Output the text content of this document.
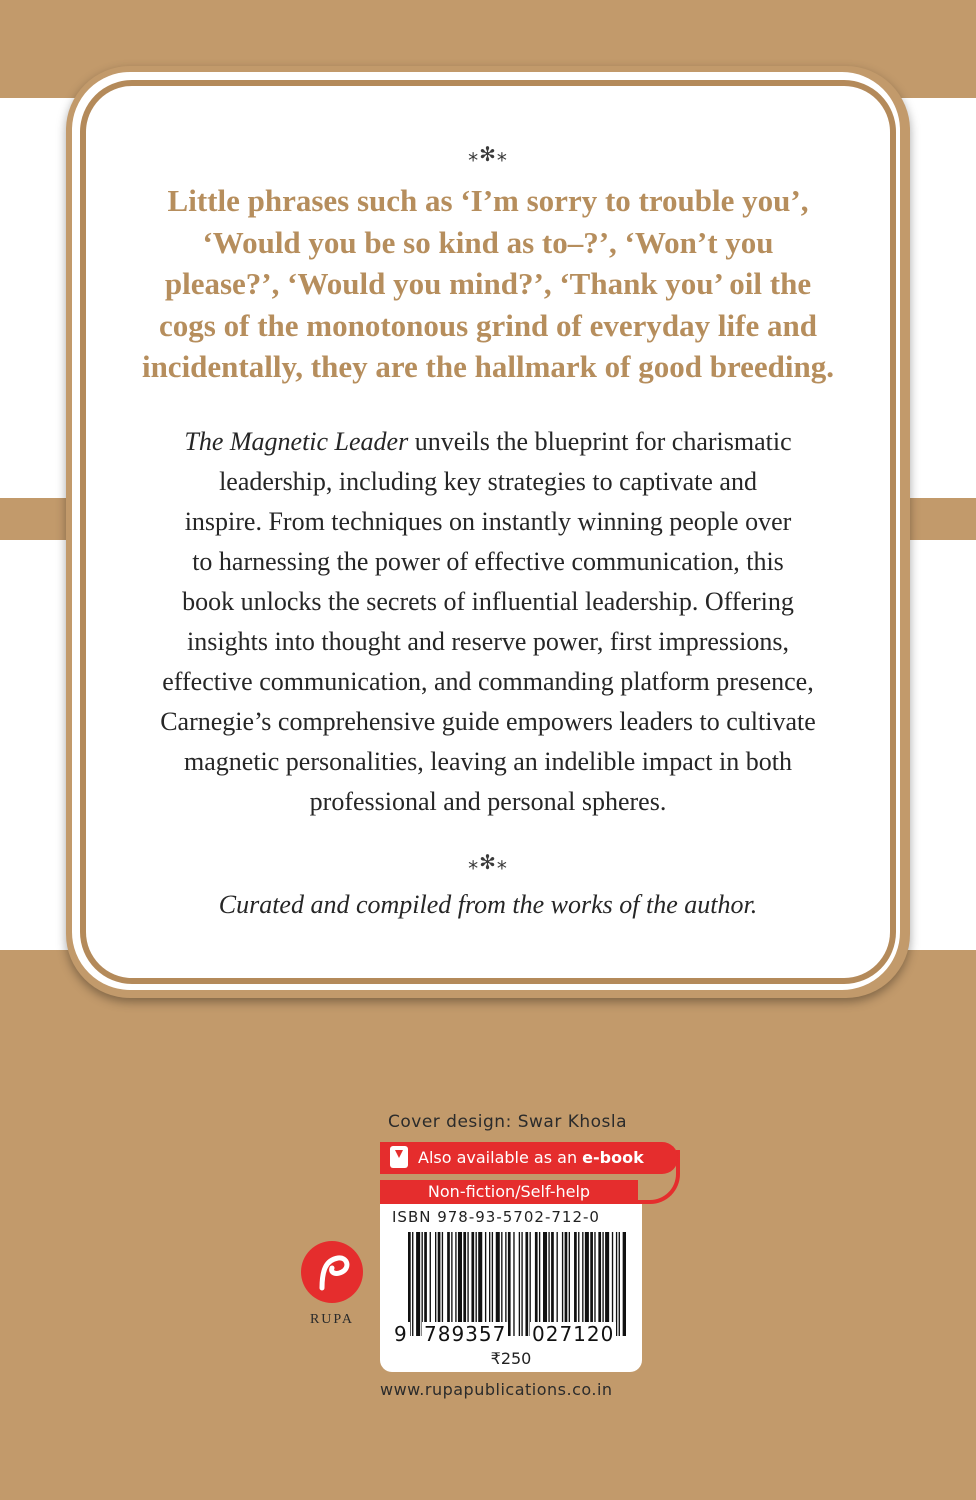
⁎✻⁎
Little phrases such as ‘I’m sorry to trouble you’,
‘Would you be so kind as to–?’, ‘Won’t you
please?’, ‘Would you mind?’, ‘Thank you’ oil the
cogs of the monotonous grind of everyday life and
incidentally, they are the hallmark of good breeding.
The Magnetic Leader unveils the blueprint for charismatic
leadership, including key strategies to captivate and
inspire. From techniques on instantly winning people over
to harnessing the power of effective communication, this
book unlocks the secrets of influential leadership. Offering
insights into thought and reserve power, first impressions,
effective communication, and commanding platform presence,
Carnegie’s comprehensive guide empowers leaders to cultivate
magnetic personalities, leaving an indelible impact in both
professional and personal spheres.
⁎✻⁎
Curated and compiled from the works of the author.
Cover design: Swar Khosla
Also available as an e-book
Non-fiction/Self-help
ISBN 978-93-5702-712-0
9 789357 027120
₹250
RUPA
www.rupapublications.co.in
